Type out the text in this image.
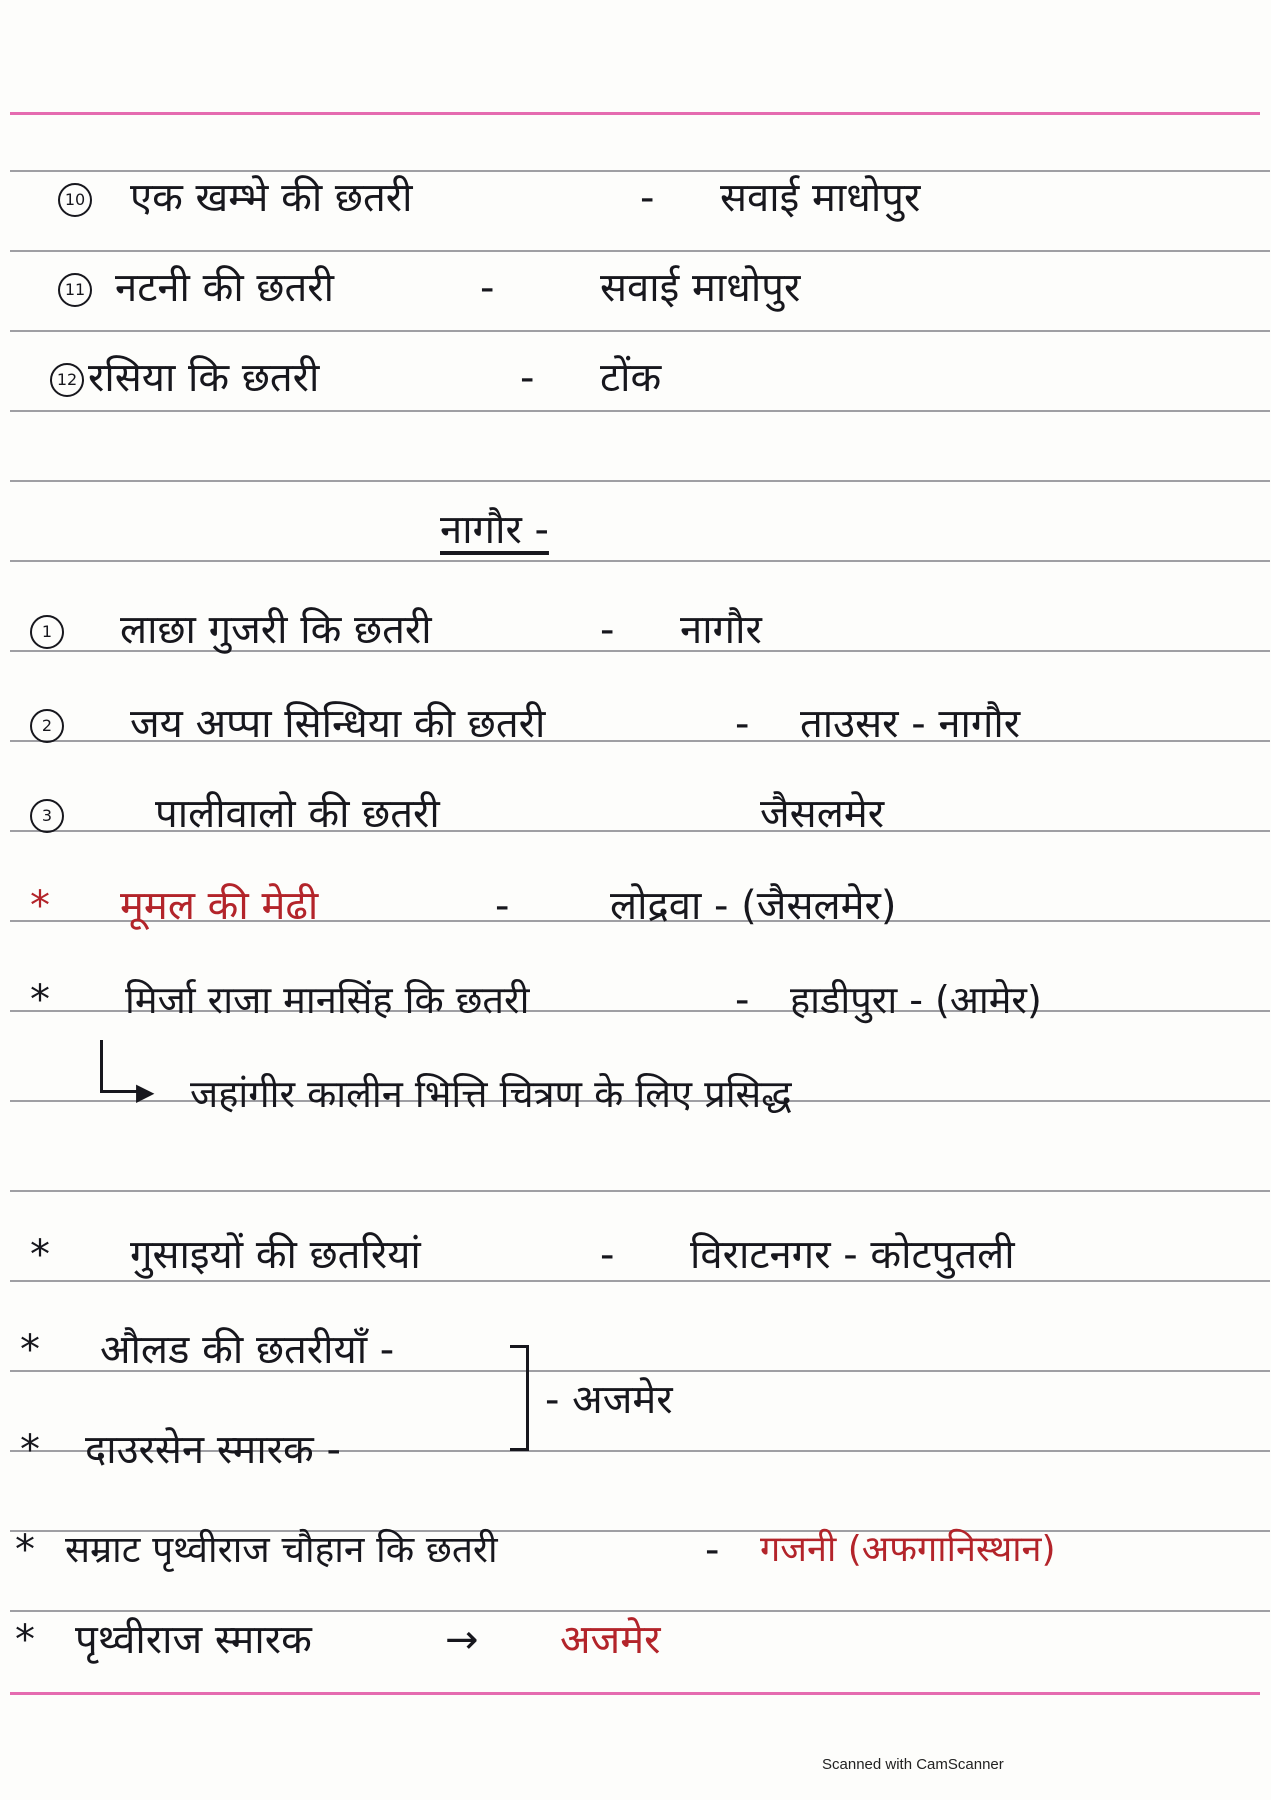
10 एक खम्भे की छतरी	- सवाई माधोपुर
11 नटनी की छतरी	-	सवाई माधोपुर
12 रसिया कि छतरी	- टोंक
नागौर -
1 लाछा गुजरी कि छतरी	- नागौर
2 जय अप्पा सिन्धिया की छतरी	- ताउसर - नागौर
3	पालीवालो की छतरी	जैसलमेर
* मूमल की मेढी	-	लोद्रवा - (जैसलमेर)
* मिर्जा राजा मानसिंह कि छतरी	- हाडीपुरा - (आमेर)
▶ जहांगीर कालीन भित्ति चित्रण के लिए प्रसिद्ध
* गुसाइयों की छतरियां	- विराटनगर - कोटपुतली
* औलड की छतरीयाँ -
- अजमेर
* दाउरसेन स्मारक -
* सम्राट पृथ्वीराज चौहान कि छतरी	- गजनी (अफगानिस्थान)
* पृथ्वीराज स्मारक	→ अजमेर
Scanned with CamScanner
